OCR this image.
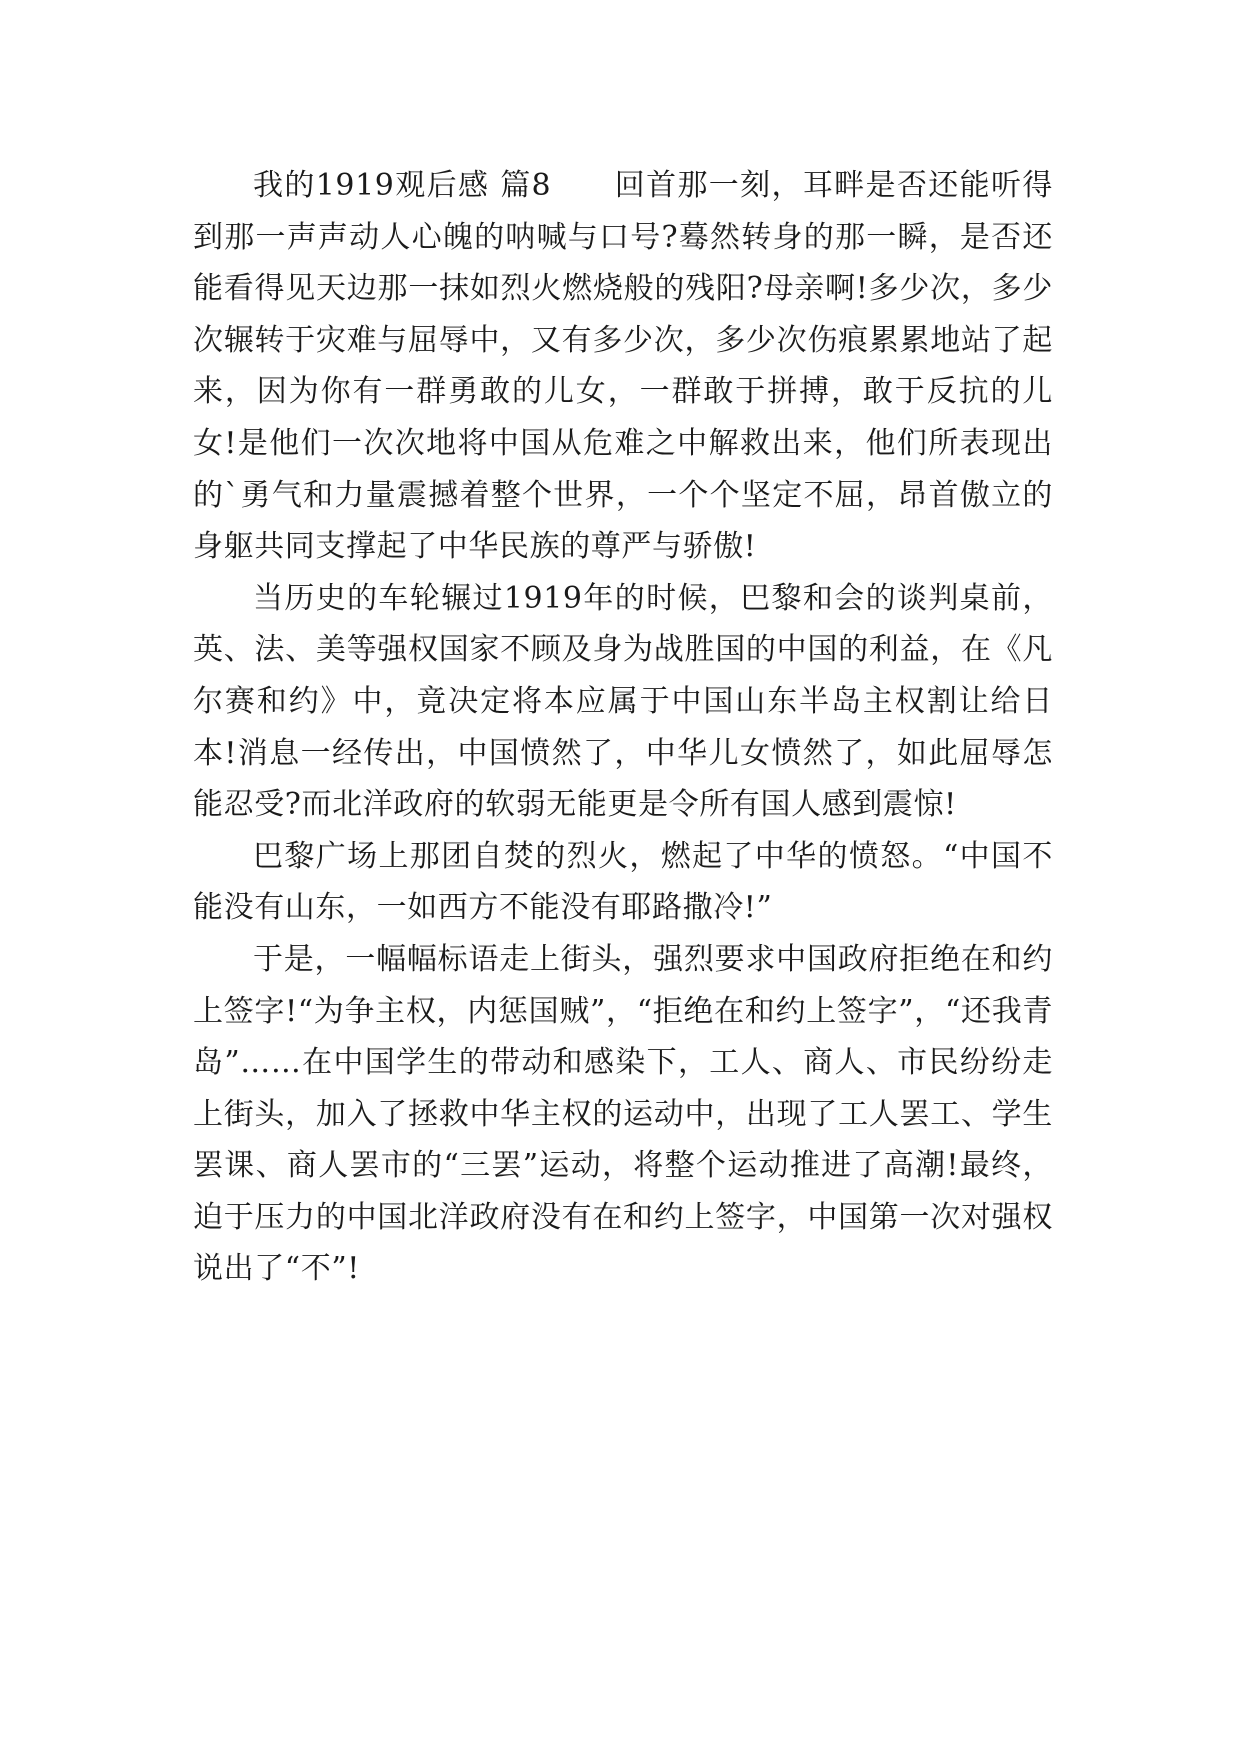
我的1919观后感 篇8　　回首那一刻，耳畔是否还能听得到那一声声动人心魄的呐喊与口号?蓦然转身的那一瞬，是否还能看得见天边那一抹如烈火燃烧般的残阳?母亲啊!多少次，多少次辗转于灾难与屈辱中，又有多少次，多少次伤痕累累地站了起来，因为你有一群勇敢的儿女，一群敢于拼搏，敢于反抗的儿女!是他们一次次地将中国从危难之中解救出来，他们所表现出的`勇气和力量震撼着整个世界，一个个坚定不屈，昂首傲立的身躯共同支撑起了中华民族的尊严与骄傲!

当历史的车轮辗过1919年的时候，巴黎和会的谈判桌前，英、法、美等强权国家不顾及身为战胜国的中国的利益，在《凡尔赛和约》中，竟决定将本应属于中国山东半岛主权割让给日本!消息一经传出，中国愤然了，中华儿女愤然了，如此屈辱怎能忍受?而北洋政府的软弱无能更是令所有国人感到震惊!

巴黎广场上那团自焚的烈火，燃起了中华的愤怒。“中国不能没有山东，一如西方不能没有耶路撒冷!”

于是，一幅幅标语走上街头，强烈要求中国政府拒绝在和约上签字!“为争主权，内惩国贼”，“拒绝在和约上签字”，“还我青岛”……在中国学生的带动和感染下，工人、商人、市民纷纷走上街头，加入了拯救中华主权的运动中，出现了工人罢工、学生罢课、商人罢市的“三罢”运动，将整个运动推进了高潮!最终，迫于压力的中国北洋政府没有在和约上签字，中国第一次对强权说出了“不”!
